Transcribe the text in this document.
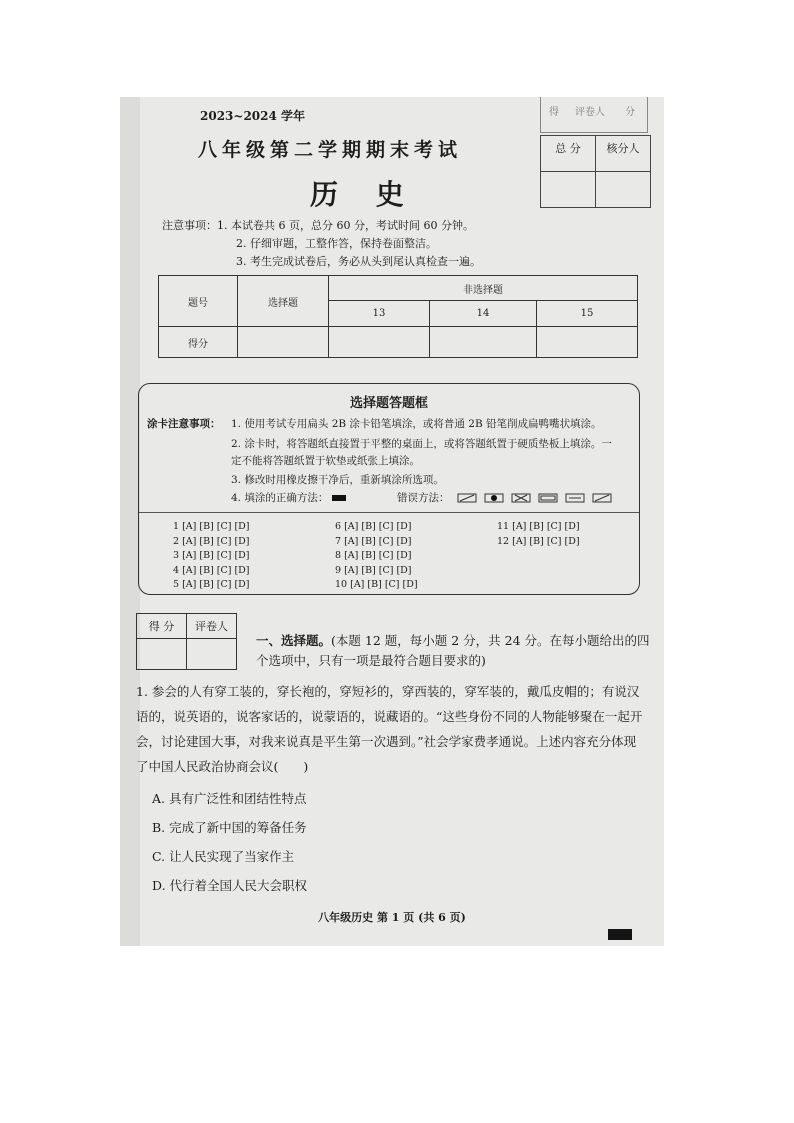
得 评卷人 分
总 分	核分人

2023~2024 学年
八年级第二学期期末考试
历 史
注意事项：1. 本试卷共 6 页，总分 60 分，考试时间 60 分钟。
2. 仔细审题，工整作答，保持卷面整洁。
3. 考生完成试卷后，务必从头到尾认真检查一遍。
题号	选择题	非选择题		
		13	14	15
得分				
选择题答题框
涂卡注意事项： 1. 使用考试专用扁头 2B 涂卡铅笔填涂，或将普通 2B 铅笔削成扁鸭嘴状填涂。
2. 涂卡时，将答题纸直接置于平整的桌面上，或将答题纸置于硬质垫板上填涂。一
定不能将答题纸置于软垫或纸张上填涂。
3. 修改时用橡皮擦干净后，重新填涂所选项。
4. 填涂的正确方法：	错误方法：
1 [A] [B] [C] [D]
2 [A] [B] [C] [D]
3 [A] [B] [C] [D]
4 [A] [B] [C] [D]
5 [A] [B] [C] [D]
6 [A] [B] [C] [D]
7 [A] [B] [C] [D]
8 [A] [B] [C] [D]
9 [A] [B] [C] [D]
10 [A] [B] [C] [D]
11 [A] [B] [C] [D]
12 [A] [B] [C] [D]
得 分	评卷人

一、选择题。(本题 12 题，每小题 2 分，共 24 分。在每小题给出的四个选项中，只有一项是最符合题目要求的)
1. 参会的人有穿工装的，穿长袍的，穿短衫的，穿西装的，穿军装的，戴瓜皮帽的；有说汉语的，说英语的，说客家话的，说蒙语的，说藏语的。“这些身份不同的人物能够聚在一起开会，讨论建国大事，对我来说真是平生第一次遇到。”社会学家费孝通说。上述内容充分体现了中国人民政治协商会议(　　)
A. 具有广泛性和团结性特点
B. 完成了新中国的筹备任务
C. 让人民实现了当家作主
D. 代行着全国人民大会职权
八年级历史 第 1 页 (共 6 页)
